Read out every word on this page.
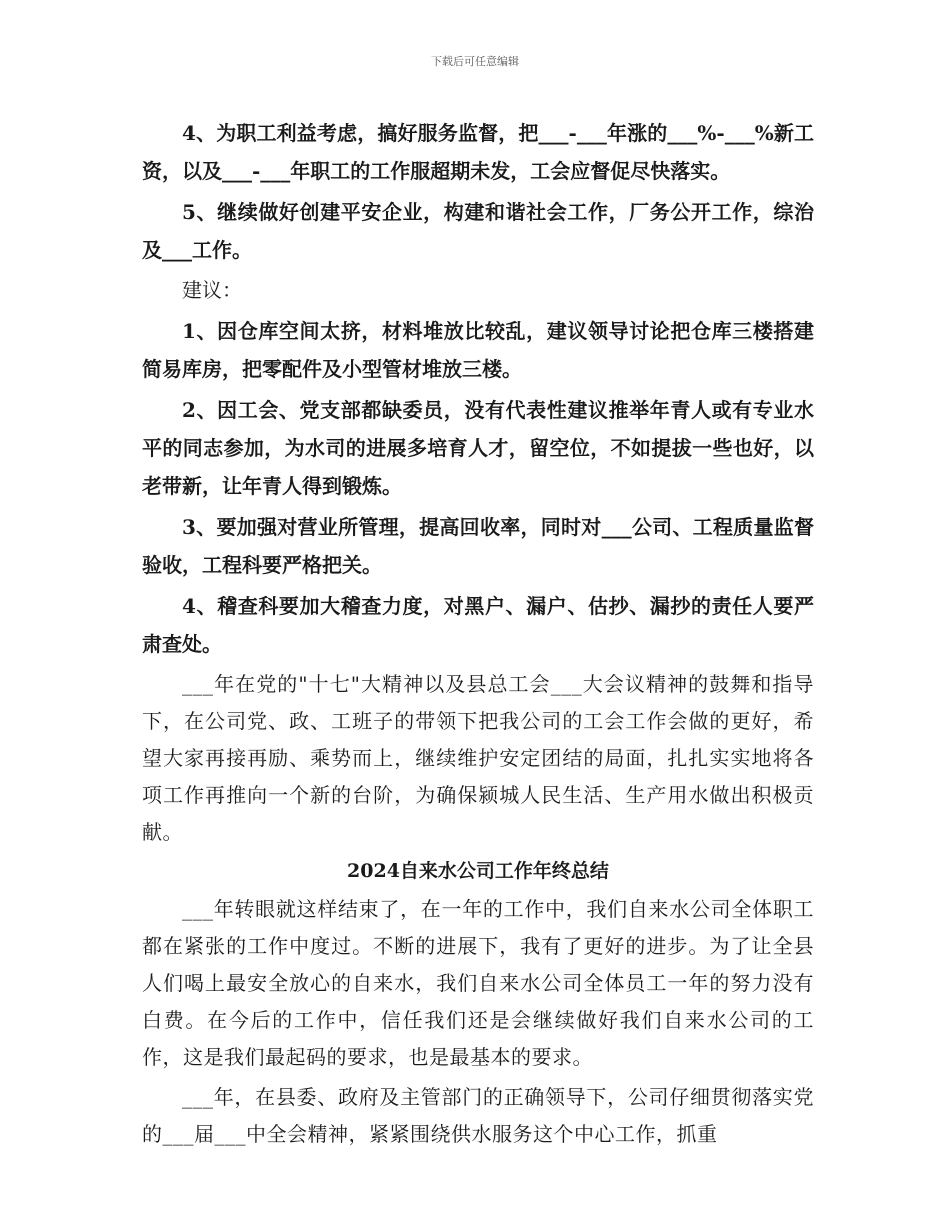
下载后可任意编辑

4、为职工利益考虑，搞好服务监督，把___-___年涨的___%-___%新工资，以及___-___年职工的工作服超期未发，工会应督促尽快落实。

5、继续做好创建平安企业，构建和谐社会工作，厂务公开工作，综治及___工作。

建议：

1、因仓库空间太挤，材料堆放比较乱，建议领导讨论把仓库三楼搭建简易库房，把零配件及小型管材堆放三楼。

2、因工会、党支部都缺委员，没有代表性建议推举年青人或有专业水平的同志参加，为水司的进展多培育人才，留空位，不如提拔一些也好，以老带新，让年青人得到锻炼。

3、要加强对营业所管理，提高回收率，同时对___公司、工程质量监督验收，工程科要严格把关。

4、稽查科要加大稽查力度，对黑户、漏户、估抄、漏抄的责任人要严肃查处。

___年在党的"十七"大精神以及县总工会___大会议精神的鼓舞和指导下，在公司党、政、工班子的带领下把我公司的工会工作会做的更好，希望大家再接再励、乘势而上，继续维护安定团结的局面，扎扎实实地将各项工作再推向一个新的台阶，为确保颍城人民生活、生产用水做出积极贡献。

2024自来水公司工作年终总结

___年转眼就这样结束了，在一年的工作中，我们自来水公司全体职工都在紧张的工作中度过。不断的进展下，我有了更好的进步。为了让全县人们喝上最安全放心的自来水，我们自来水公司全体员工一年的努力没有白费。在今后的工作中，信任我们还是会继续做好我们自来水公司的工作，这是我们最起码的要求，也是最基本的要求。

___年，在县委、政府及主管部门的正确领导下，公司仔细贯彻落实党的___届___中全会精神，紧紧围绕供水服务这个中心工作，抓重
